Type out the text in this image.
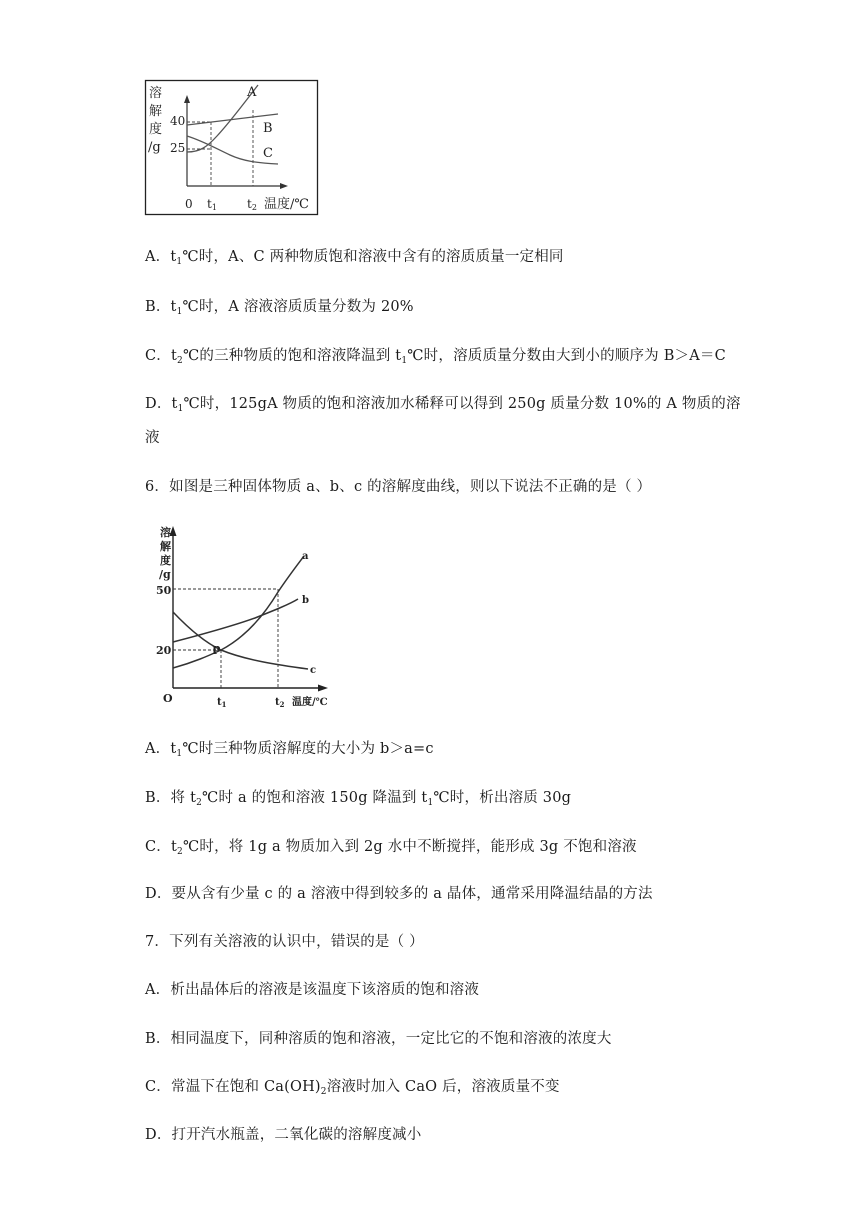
溶
解
度
/g
40
25
A
B
C
0 t1	t2 温度/℃
A．$t_1℃$时，A、C 两种物质饱和溶液中含有的溶质质量一定相同
B．$t_1℃$时，A 溶液溶质质量分数为 20%
C．$t_2℃$的三种物质的饱和溶液降温到 $t_1℃$时，溶质质量分数由大到小的顺序为 B＞A＝C
D．$t_1℃$时，125gA 物质的饱和溶液加水稀释可以得到 250g 质量分数 10%的 A 物质的溶
液
6．如图是三种固体物质 a、b、c 的溶解度曲线，则以下说法不正确的是（ ）
溶
解
度
/g
50
20
a
b
c
P
O	$t_1$	$t_2$ 温度/℃
A．$t_1℃$时三种物质溶解度的大小为 b＞a=c
B．将 $t_2℃$时 a 的饱和溶液 150g 降温到 $t_1℃$时，析出溶质 30g
C．$t_2℃$时，将 1g a 物质加入到 2g 水中不断搅拌，能形成 3g 不饱和溶液
D．要从含有少量 c 的 a 溶液中得到较多的 a 晶体，通常采用降温结晶的方法
7．下列有关溶液的认识中，错误的是（ ）
A．析出晶体后的溶液是该温度下该溶质的饱和溶液
B．相同温度下，同种溶质的饱和溶液，一定比它的不饱和溶液的浓度大
C．常温下在饱和 $Ca(OH)_2$溶液时加入 CaO 后，溶液质量不变
D．打开汽水瓶盖，二氧化碳的溶解度减小
